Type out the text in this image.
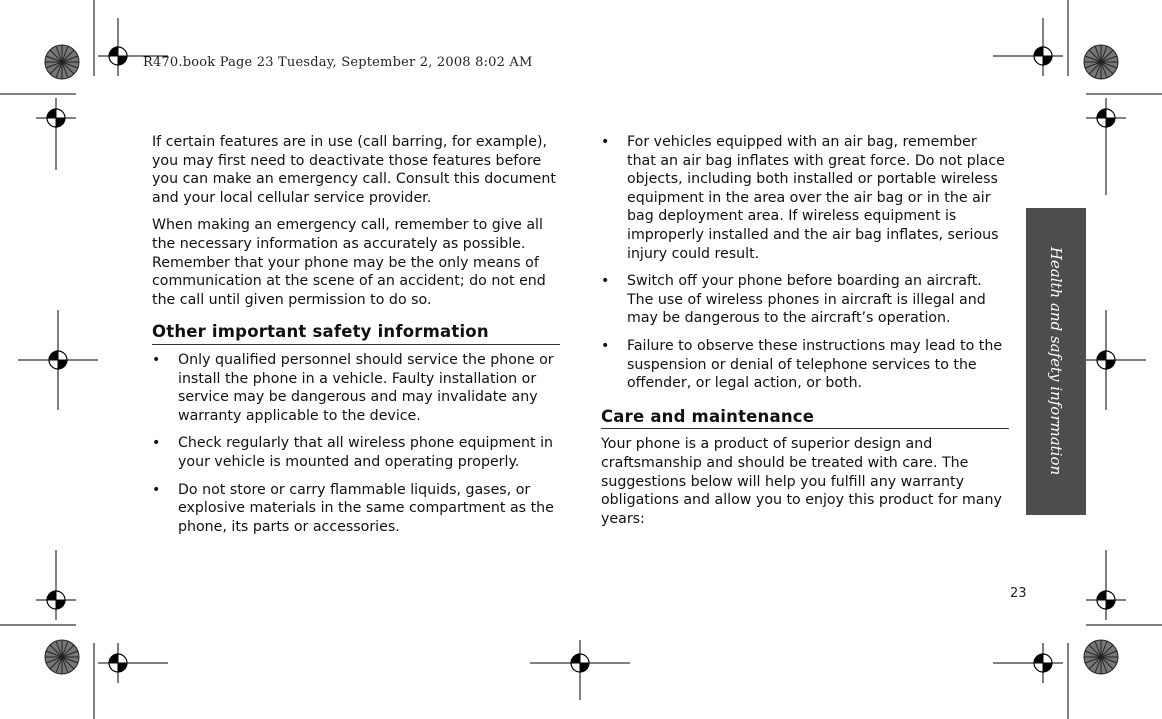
R470.book Page 23 Tuesday, September 2, 2008 8:02 AM

If certain features are in use (call barring, for example), you may first need to deactivate those features before you can make an emergency call. Consult this document and your local cellular service provider.

When making an emergency call, remember to give all the necessary information as accurately as possible. Remember that your phone may be the only means of communication at the scene of an accident; do not end the call until given permission to do so.

Other important safety information
•	Only qualified personnel should service the phone or install the phone in a vehicle. Faulty installation or service may be dangerous and may invalidate any warranty applicable to the device.
•	Check regularly that all wireless phone equipment in your vehicle is mounted and operating properly.
•	Do not store or carry flammable liquids, gases, or explosive materials in the same compartment as the phone, its parts or accessories.
•	For vehicles equipped with an air bag, remember that an air bag inflates with great force. Do not place objects, including both installed or portable wireless equipment in the area over the air bag or in the air bag deployment area. If wireless equipment is improperly installed and the air bag inflates, serious injury could result.
•	Switch off your phone before boarding an aircraft. The use of wireless phones in aircraft is illegal and may be dangerous to the aircraft’s operation.
•	Failure to observe these instructions may lead to the suspension or denial of telephone services to the offender, or legal action, or both.
Care and maintenance

Your phone is a product of superior design and craftsmanship and should be treated with care. The suggestions below will help you fulfill any warranty obligations and allow you to enjoy this product for many years:

Health and safety information
23
